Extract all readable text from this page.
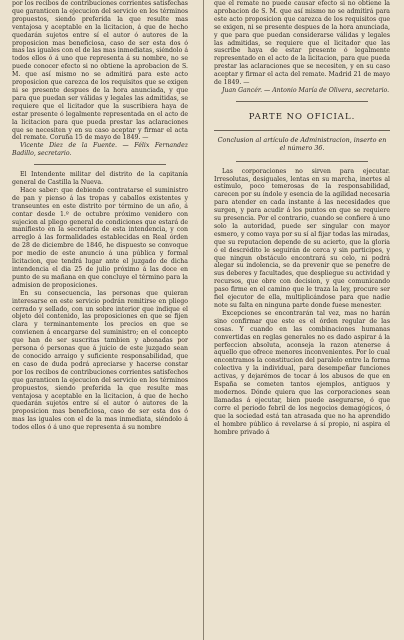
por los recibos de contribuciones corrientes satisfechas que garanticen la ejecucion del servicio en los términos propuestos, siendo preferida la que resulte mas ventajosa y aceptable en la licitacion, á que de hecho quedarán sujetos entre sí el autor ó autores de la proposicion mas beneficiosa, caso de ser esta dos ó mas las iguales con el de las mas inmediatas, siéndolo á todos ellos ó á uno que representa á su nombre, no se puede conocer efecto si no obtiene la aprobacion de S. M. que así mismo no se admitirá para este acto proposicion que carezca de los requisitos que se exigen ni se presente despues de la hora anunciada, y que para que puedan ser válidas y legales las admitidas, se requiere que el licitador que la suscribiera haya de estar presente ó legalmente representada en el acto de la licitacion para que pueda prestar las aclaraciones que se necesiten y en su caso aceptar y firmar el acta del remate. Coruña 15 de mayo de 1849. —

Vicente Diez de la Fuente. — Félix Fernandez Badillo, secretario.

El Intendente militar del distrito de la capitanía general de Castilla la Nueva.

Hace saber: que debiendo contratarse el suministro de pan y pienso á las tropas y caballos existentes y transeuntes en este distrito por término de un año, á contar desde 1.º de octubre próximo venidero con sujecion al pliego general de condiciones que estará de manifiesto en la secretaría de esta intendencia, y con arreglo á las formalidades establecidas en Real órden de 28 de diciembre de 1846, he dispuesto se convoque por medio de este anuncio á una pública y formal licitacion, que tendrá lugar ante el juzgado de dicha intendencia el dia 25 de julio próximo á las doce en punto de su mañana en que concluye el término para la admision de proposiciones.

En su consecuencia, las personas que quieran interesarse en este servicio podrán remitirse en pliego cerrado y sellado, con un sobre interior que indique el objeto del contenido, las proposiciones en que se fijen clara y terminantemente los precios en que se convienen á encargarse del suministro; en el concepto que han de ser suscritas tambien y abonadas por persona ó personas que á juicio de este juzgado sean de conocido arraigo y suficiente responsabilidad, que en caso de duda podrá apreciarse y hacerse constar por los recibos de contribuciones corrientes satisfechos que garanticen la ejecucion del servicio en los términos propuestos, siendo preferida la que resulte mas ventajosa y aceptable en la licitacion, á que de hecho quedarán sujetos entre sí el autor ó autores de la proposicion mas beneficiosa, caso de ser esta dos ó mas las iguales con el de la mas inmediata, siéndolo á todos ellos ó á uno que representa á su nombre

que el remate no puede causar efecto si no obtiene la aprobacion de S. M. que así mismo no se admitirá para este acto proposicion que carezca de los requisitos que se exigen, ni se presente despues de la hora anunciada, y que para que puedan considerarse válidas y legales las admitidas, se requiere que el licitador que las suscribe haya de estar presente ó legalmente representado en el acto de la licitacion, para que pueda prestar las aclaraciones que se necesiten, y en su caso aceptar y firmar el acta del remate. Madrid 21 de mayo de 1849. —

Juan Gancér. — Antonio María de Olivera, secretario.

PARTE NO OFICIAL.
Conclusion al artículo de Administracion, inserto en el número 36.

Las corporaciones no sirven para ejecutar. Irresolutas, desiguales, lentas en su marcha, inertes al estímulo, poco temerosas de la responsabilidad, carecen por su índole y esencia de la agilidad necesaria para atender en cada instante á las necesidades que surgen, y para acudir á los puntos en que se requiere su presencia. Por el contrario, cuando se confiere á uno solo la autoridad, puede ser singular con mayor esmero, y como vaya por su sí al fijar todas las miradas, que su reputacion depende de su acierto, que la gloria ó el descrédito le seguirán de cerca y sin participes, y que ningun obstáculo encontrará su celo, ni podrá alegar su indolencia, se da prevenir que se penetre de sus deberes y facultades, que despliegue su actividad y recursos, que obre con decision, y que comunicando paso firme en el camino que le traza la ley, procure ser fiel ejecutor de ella, multiplicándose para que nadie note su falta en ninguna parte donde fuese menester.

Excepciones se encontrarán tal vez, mas no harán sino confirmar que este es el órden regular de las cosas. Y cuando en las combinaciones humanas convertidas en reglas generales no es dado aspirar á la perfeccion absoluta, aconseja la razon atenerse á aquello que ofrece menores inconvenientes. Por lo cual encontramos la constitucion del paralelo entre la forma colectiva y la individual, para desempeñar funciones activas, y dejarémos de tocar á los abusos de que en España se cometen tantos ejemplos, antiguos y modernos. Dónde quiera que las corporaciones sean llamadas á ejecutar, bien puede asegurarse, ó que corre el periodo febril de los negocios demagógicos, ó que la sociedad está tan atrasada que no ha aprendido el hombre público á revelarse á sí propio, ni aspira el hombre privado á
